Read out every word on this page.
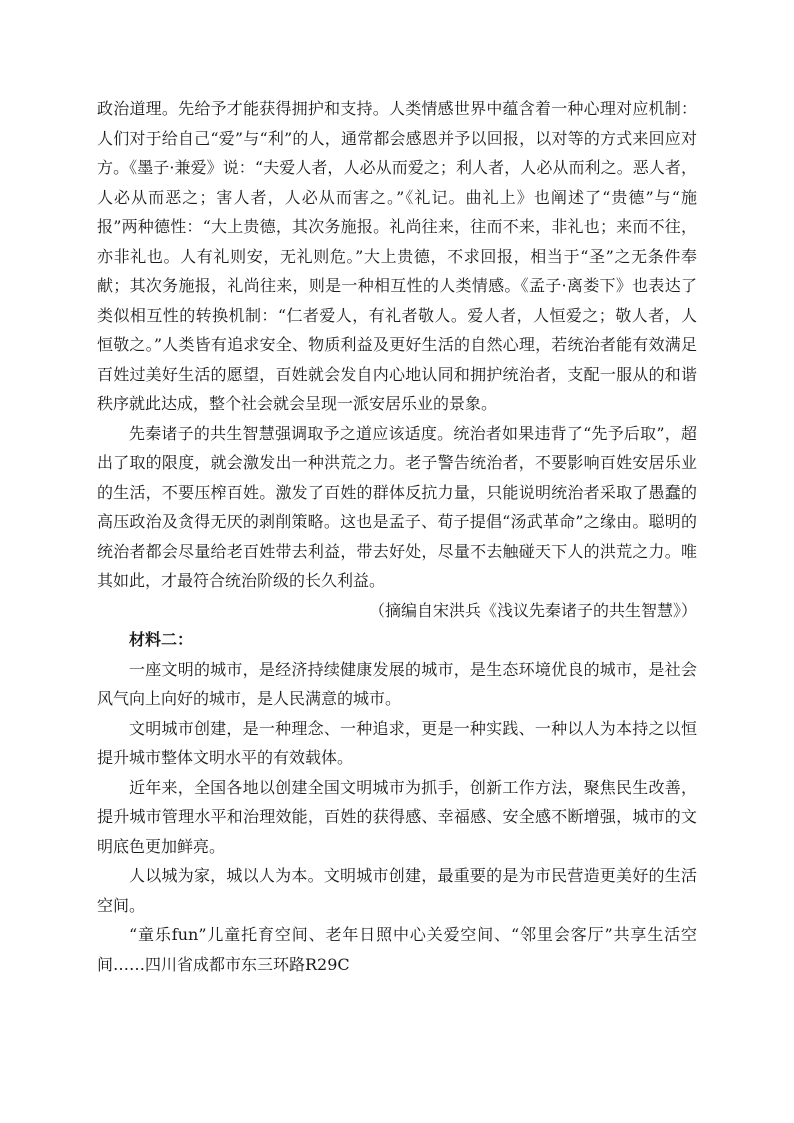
政治道理。先给予才能获得拥护和支持。人类情感世界中蕴含着一种心理对应机制：人们对于给自己“爱”与“利”的人，通常都会感恩并予以回报，以对等的方式来回应对方。《墨子·兼爱》说：“夫爱人者，人必从而爱之；利人者，人必从而利之。恶人者，人必从而恶之；害人者，人必从而害之。”《礼记。曲礼上》也阐述了“贵德”与“施报”两种德性：“大上贵德，其次务施报。礼尚往来，往而不来，非礼也；来而不往，亦非礼也。人有礼则安，无礼则危。”大上贵德，不求回报，相当于“圣”之无条件奉献；其次务施报，礼尚往来，则是一种相互性的人类情感。《孟子·离娄下》也表达了类似相互性的转换机制：“仁者爱人，有礼者敬人。爱人者，人恒爱之；敬人者，人恒敬之。”人类皆有追求安全、物质利益及更好生活的自然心理，若统治者能有效满足百姓过美好生活的愿望，百姓就会发自内心地认同和拥护统治者，支配一服从的和谐秩序就此达成，整个社会就会呈现一派安居乐业的景象。

先秦诸子的共生智慧强调取予之道应该适度。统治者如果违背了“先予后取”，超出了取的限度，就会激发出一种洪荒之力。老子警告统治者，不要影响百姓安居乐业的生活，不要压榨百姓。激发了百姓的群体反抗力量，只能说明统治者采取了愚蠢的高压政治及贪得无厌的剥削策略。这也是孟子、荀子提倡“汤武革命”之缘由。聪明的统治者都会尽量给老百姓带去利益，带去好处，尽量不去触碰天下人的洪荒之力。唯其如此，才最符合统治阶级的长久利益。

（摘编自宋洪兵《浅议先秦诸子的共生智慧》）

材料二：

一座文明的城市，是经济持续健康发展的城市，是生态环境优良的城市，是社会风气向上向好的城市，是人民满意的城市。

文明城市创建，是一种理念、一种追求，更是一种实践、一种以人为本持之以恒提升城市整体文明水平的有效载体。

近年来，全国各地以创建全国文明城市为抓手，创新工作方法，聚焦民生改善，提升城市管理水平和治理效能，百姓的获得感、幸福感、安全感不断增强，城市的文明底色更加鲜亮。

人以城为家，城以人为本。文明城市创建，最重要的是为市民营造更美好的生活空间。

“童乐fun”儿童托育空间、老年日照中心关爱空间、“邻里会客厅”共享生活空间……四川省成都市东三环路R29C
